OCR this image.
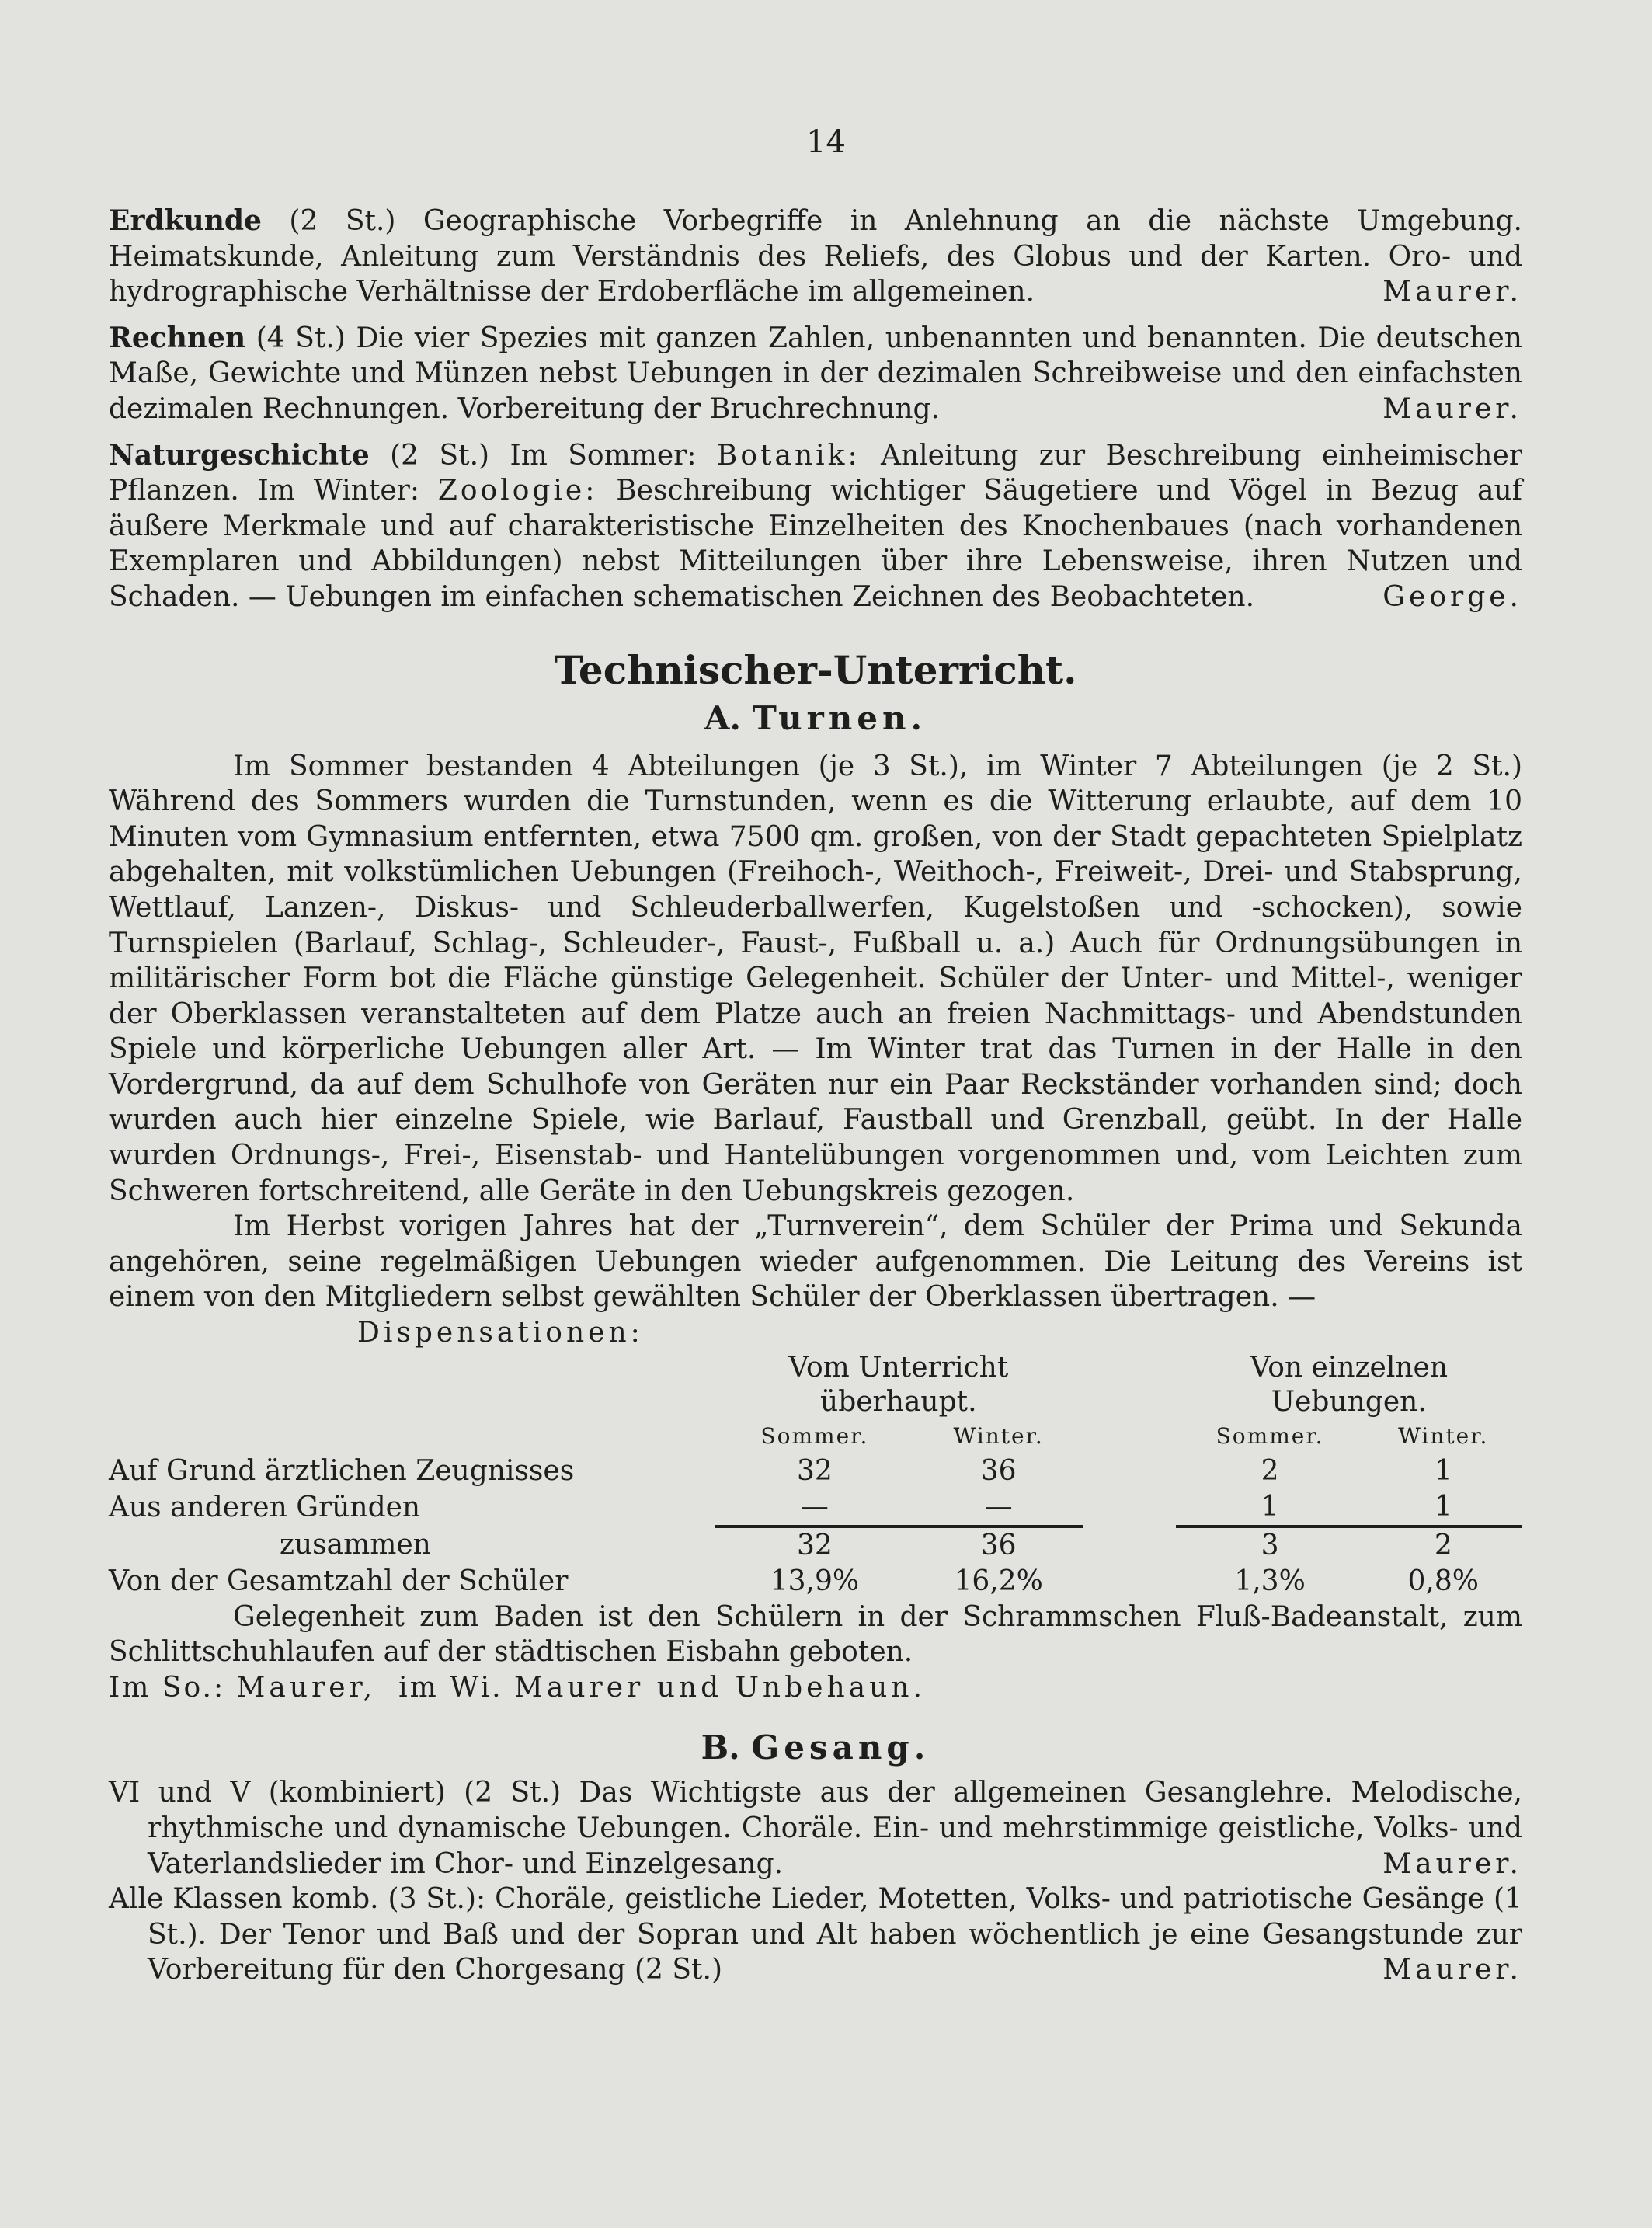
14

Erdkunde (2 St.) Geographische Vorbegriffe in Anlehnung an die nächste Umgebung. Heimatskunde, Anleitung zum Verständnis des Reliefs, des Globus und der Karten. Oro- und hydrographische Verhältnisse der Erdoberfläche im allgemeinen.	Maurer.

Rechnen (4 St.) Die vier Spezies mit ganzen Zahlen, unbenannten und benannten. Die deutschen Maße, Gewichte und Münzen nebst Uebungen in der dezimalen Schreibweise und den einfachsten dezimalen Rechnungen. Vorbereitung der Bruchrechnung.	Maurer.

Naturgeschichte (2 St.) Im Sommer: Botanik: Anleitung zur Beschreibung einheimischer Pflanzen. Im Winter: Zoologie: Beschreibung wichtiger Säugetiere und Vögel in Bezug auf äußere Merkmale und auf charakteristische Einzelheiten des Knochenbaues (nach vorhandenen Exemplaren und Abbildungen) nebst Mitteilungen über ihre Lebensweise, ihren Nutzen und Schaden. — Uebungen im einfachen schematischen Zeichnen des Beobachteten.	George.

Technischer-Unterricht.
A. Turnen.

Im Sommer bestanden 4 Abteilungen (je 3 St.), im Winter 7 Abteilungen (je 2 St.) Während des Sommers wurden die Turnstunden, wenn es die Witterung erlaubte, auf dem 10 Minuten vom Gymnasium entfernten, etwa 7500 qm. großen, von der Stadt gepachteten Spielplatz abgehalten, mit volkstümlichen Uebungen (Freihoch-, Weithoch-, Freiweit-, Drei- und Stabsprung, Wettlauf, Lanzen-, Diskus- und Schleuderballwerfen, Kugelstoßen und -schocken), sowie Turnspielen (Barlauf, Schlag-, Schleuder-, Faust-, Fußball u. a.) Auch für Ordnungsübungen in militärischer Form bot die Fläche günstige Gelegenheit. Schüler der Unter- und Mittel-, weniger der Oberklassen veranstalteten auf dem Platze auch an freien Nachmittags- und Abendstunden Spiele und körperliche Uebungen aller Art. — Im Winter trat das Turnen in der Halle in den Vordergrund, da auf dem Schulhofe von Geräten nur ein Paar Reckständer vorhanden sind; doch wurden auch hier einzelne Spiele, wie Barlauf, Faustball und Grenzball, geübt. In der Halle wurden Ordnungs-, Frei-, Eisenstab- und Hantelübungen vorgenommen und, vom Leichten zum Schweren fortschreitend, alle Geräte in den Uebungskreis gezogen.

Im Herbst vorigen Jahres hat der „Turnverein“, dem Schüler der Prima und Sekunda angehören, seine regelmäßigen Uebungen wieder aufgenommen. Die Leitung des Vereins ist einem von den Mitgliedern selbst gewählten Schüler der Oberklassen übertragen. —

Dispensationen:

	Vom Unterricht überhaupt.			Von einzelnen Uebungen.	
	Sommer.	Winter.		Sommer.	Winter.
Auf Grund ärztlichen Zeugnisses	32	36		2	1
Aus anderen Gründen	—	—		1	1
zusammen	32	36		3	2
Von der Gesamtzahl der Schüler	13,9%	16,2%		1,3%	0,8%

Gelegenheit zum Baden ist den Schülern in der Schrammschen Fluß-Badeanstalt, zum Schlittschuhlaufen auf der städtischen Eisbahn geboten.

Im So.: Maurer, im Wi. Maurer und Unbehaun.

B. Gesang.

VI und V (kombiniert) (2 St.) Das Wichtigste aus der allgemeinen Gesanglehre. Melodische, rhythmische und dynamische Uebungen. Choräle. Ein- und mehrstimmige geistliche, Volks- und Vaterlandslieder im Chor- und Einzelgesang.	Maurer.

Alle Klassen komb. (3 St.): Choräle, geistliche Lieder, Motetten, Volks- und patriotische Gesänge (1 St.). Der Tenor und Baß und der Sopran und Alt haben wöchentlich je eine Gesangstunde zur Vorbereitung für den Chorgesang (2 St.)	Maurer.
